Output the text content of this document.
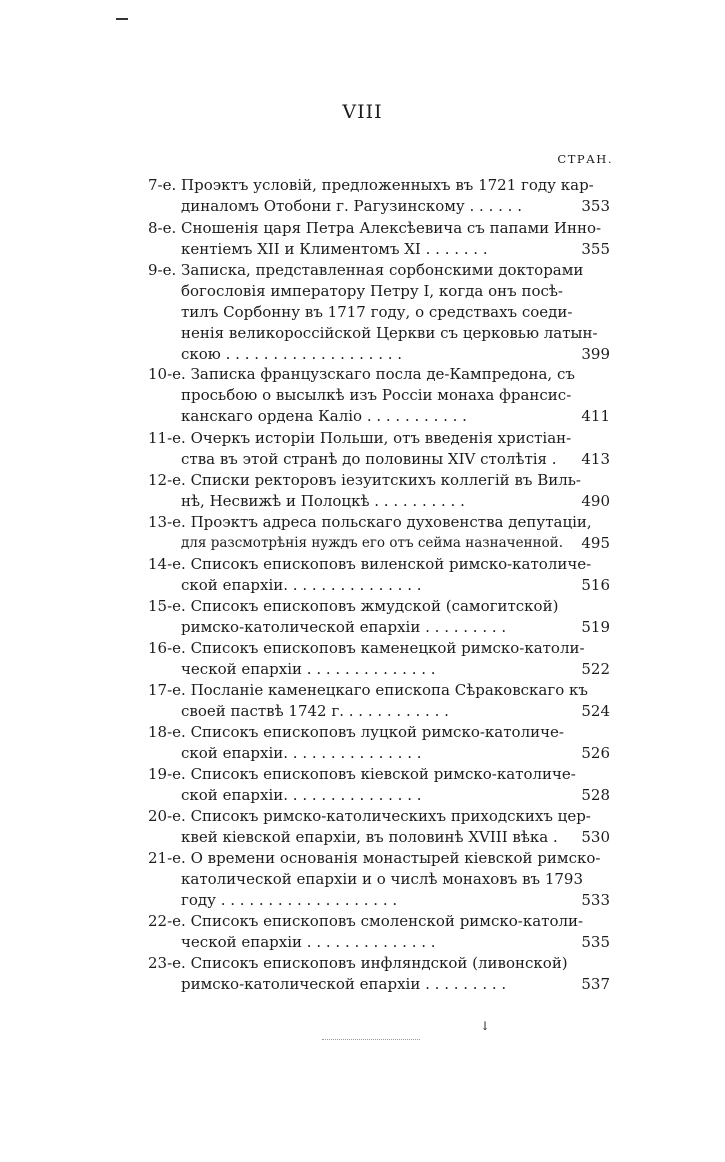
VIII
СТРАН.
7-е. Проэктъ условій, предложенныхъ въ 1721 году кар-
диналомъ Отобони г. Рагузинскому . . . . . .	353
8-е. Сношенія царя Петра Алексѣевича съ папами Инно-
кентіемъ XII и Климентомъ XI . . . . . . .	355
9-е. Записка, представленная сорбонскими докторами
богословія императору Петру I, когда онъ посѣ-
тилъ Сорбонну въ 1717 году, о средствахъ соеди-
ненія великороссійской Церкви съ церковью латын-
скою . . . . . . . . . . . . . . . . . . .	399
10-е. Записка французскаго посла де-Кампредона, съ
просьбою о высылкѣ изъ Россіи монаха франсис-
канскаго ордена Каліо . . . . . . . . . . .	411
11-е. Очеркъ исторіи Польши, отъ введенія христіан-
ства въ этой странѣ до половины XIV столѣтія . 413
12-е. Списки ректоровъ іезуитскихъ коллегій въ Виль-
нѣ, Несвижѣ и Полоцкѣ . . . . . . . . . .	490
13-е. Проэктъ адреса польскаго духовенства депутаціи,
для разсмотрѣнія нуждъ его отъ сейма назначенной. 495
14-е. Списокъ епископовъ виленской римско-католиче-
ской епархіи. . . . . . . . . . . . . . .	516
15-е. Списокъ епископовъ жмудской (самогитской)
римско-католической епархіи . . . . . . . . .	519
16-е. Списокъ епископовъ каменецкой римско-католи-
ческой епархіи . . . . . . . . . . . . . .	522
17-е. Посланіе каменецкаго епископа Сѣраковскаго къ
своей паствѣ 1742 г. . . . . . . . . . . .	524
18-е. Списокъ епископовъ луцкой римско-католиче-
ской епархіи. . . . . . . . . . . . . . .	526
19-е. Списокъ епископовъ кіевской римско-католиче-
ской епархіи. . . . . . . . . . . . . . .	528
20-е. Списокъ римско-католическихъ приходскихъ цер-
квей кіевской епархіи, въ половинѣ XVIII вѣка . 530
21-е. О времени основанія монастырей кіевской римско-
католической епархіи и о числѣ монаховъ въ 1793
году . . . . . . . . . . . . . . . . . . .	533
22-е. Списокъ епископовъ смоленской римско-католи-
ческой епархіи . . . . . . . . . . . . . .	535
23-е. Списокъ епископовъ инфляндской (ливонской)
римско-католической епархіи . . . . . . . . .	537
↓
